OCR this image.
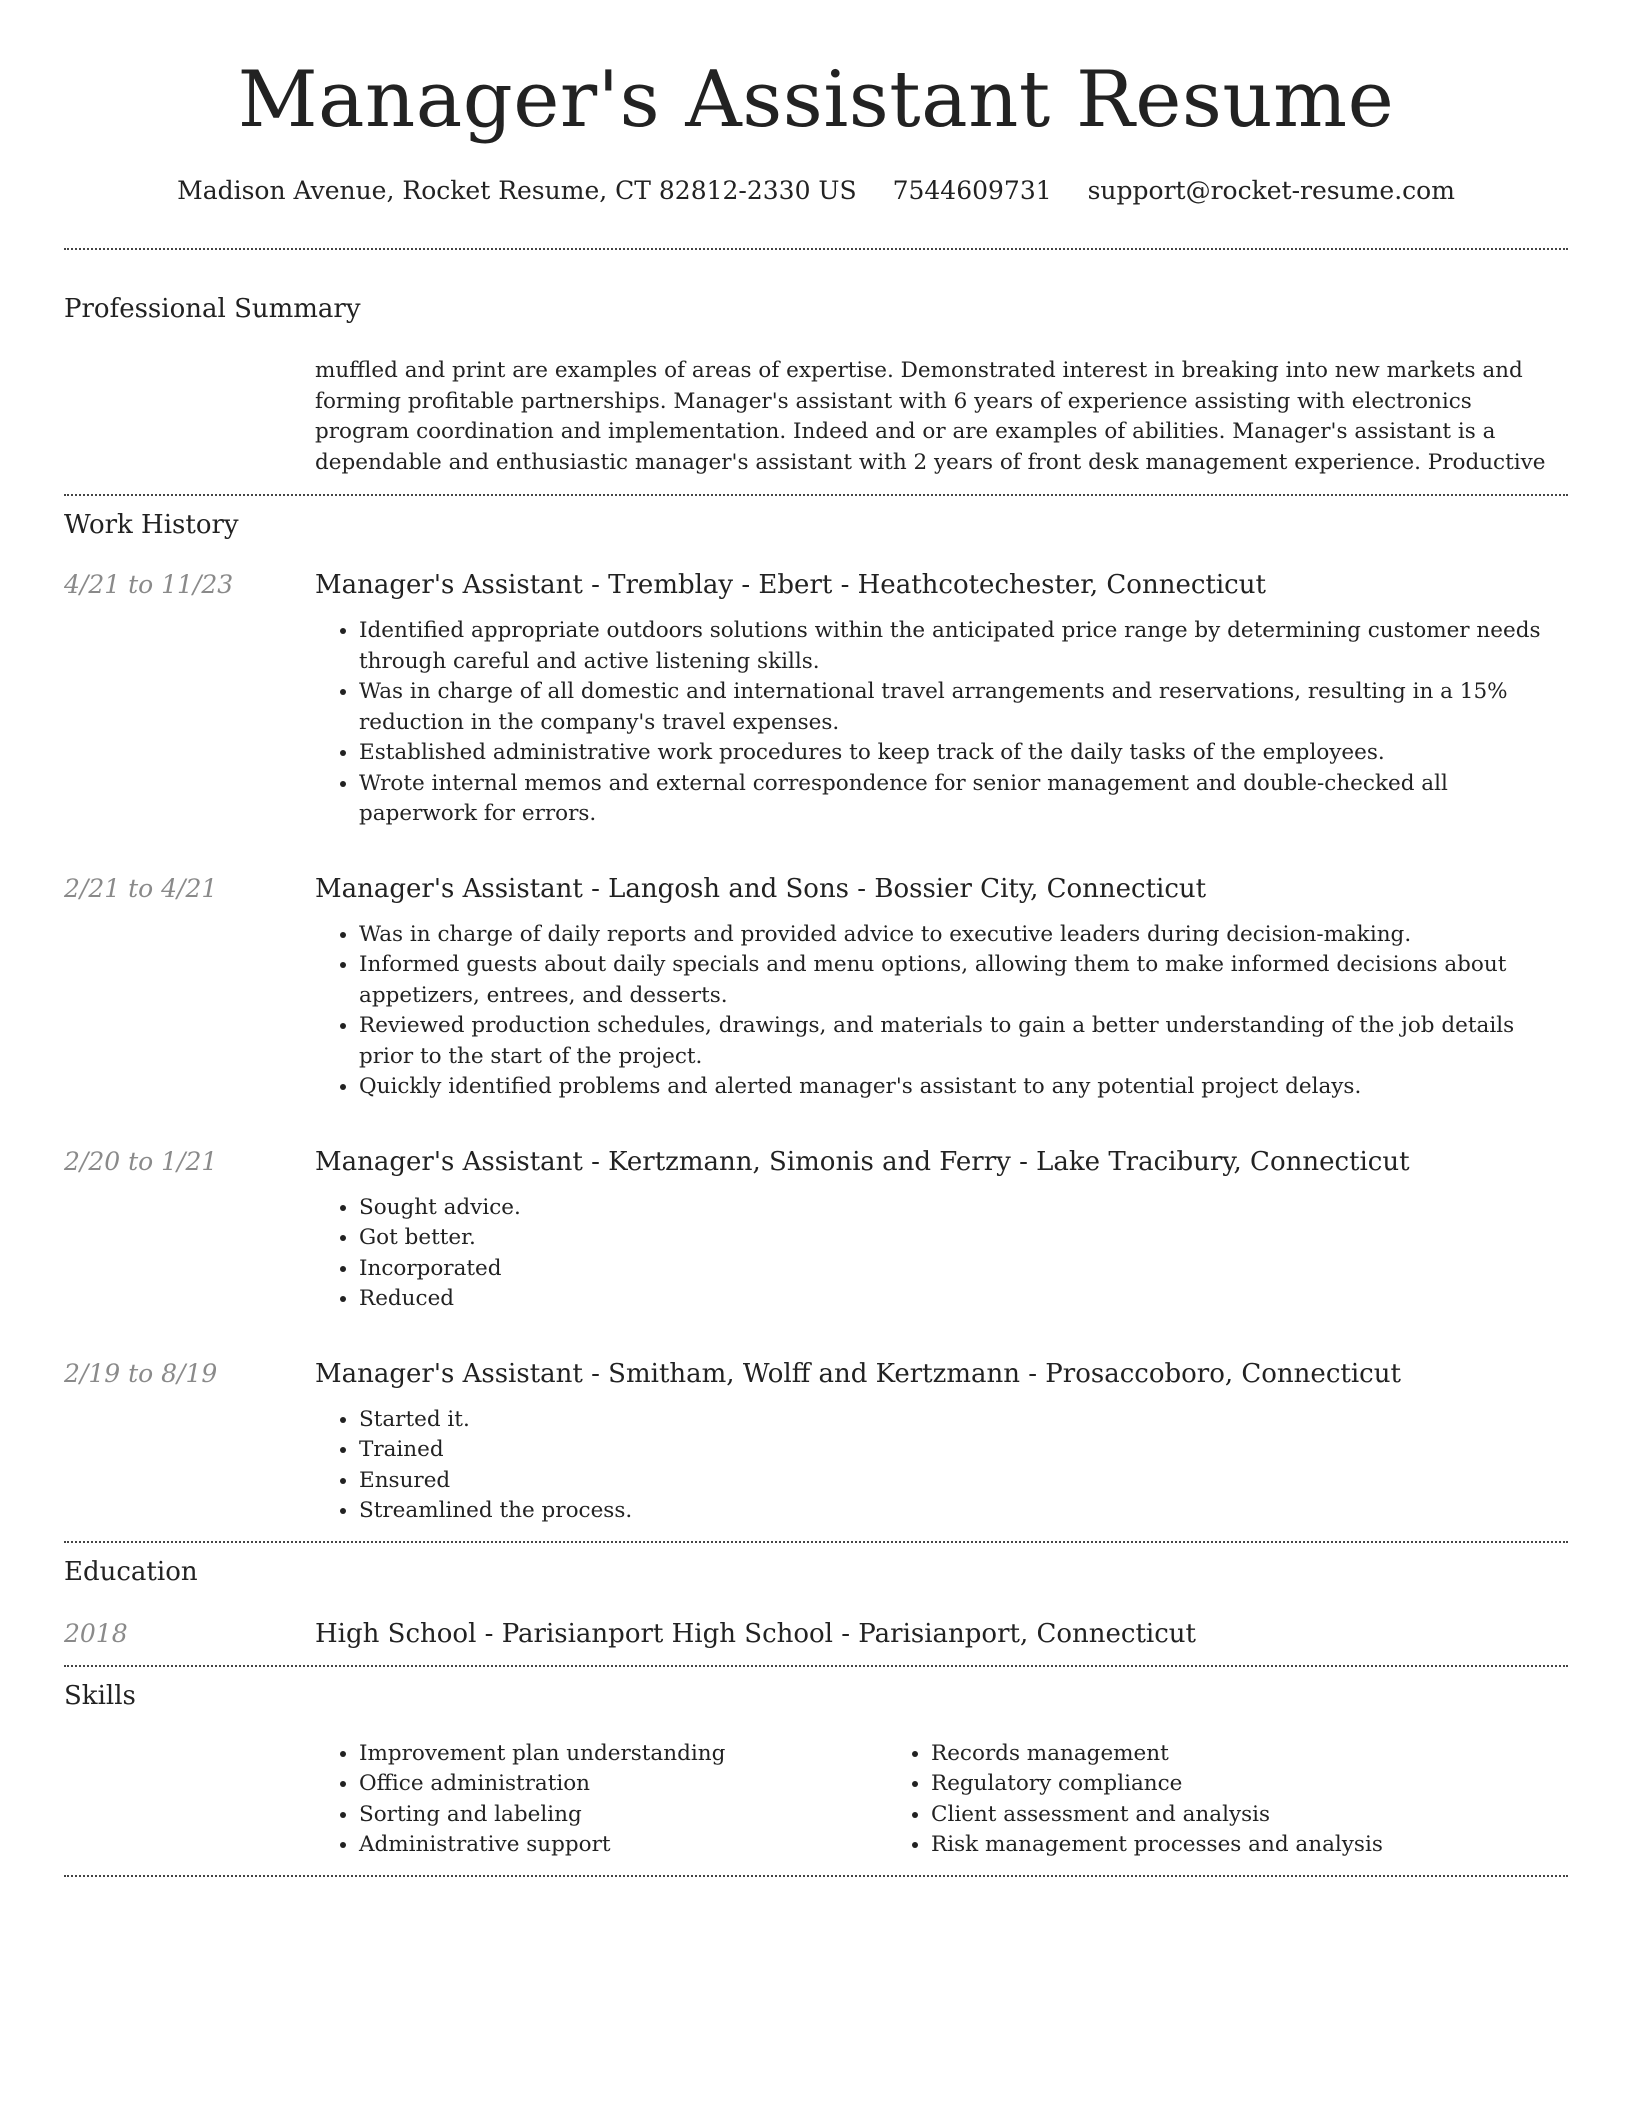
Manager's Assistant Resume
Madison Avenue, Rocket Resume, CT 82812-2330 US 7544609731 support@rocket-resume.com
Professional Summary
muffled and print are examples of areas of expertise. Demonstrated interest in breaking into new markets and forming profitable partnerships. Manager's assistant with 6 years of experience assisting with electronics program coordination and implementation. Indeed and or are examples of abilities. Manager's assistant is a dependable and enthusiastic manager's assistant with 2 years of front desk management experience. Productive
Work History
4/21 to 11/23	Manager's Assistant - Tremblay - Ebert - Heathcotechester, Connecticut
• Identified appropriate outdoors solutions within the anticipated price range by determining customer needs through careful and active listening skills.
• Was in charge of all domestic and international travel arrangements and reservations, resulting in a 15% reduction in the company's travel expenses.
• Established administrative work procedures to keep track of the daily tasks of the employees.
• Wrote internal memos and external correspondence for senior management and double-checked all paperwork for errors.
2/21 to 4/21	Manager's Assistant - Langosh and Sons - Bossier City, Connecticut
• Was in charge of daily reports and provided advice to executive leaders during decision-making.
• Informed guests about daily specials and menu options, allowing them to make informed decisions about appetizers, entrees, and desserts.
• Reviewed production schedules, drawings, and materials to gain a better understanding of the job details prior to the start of the project.
• Quickly identified problems and alerted manager's assistant to any potential project delays.
2/20 to 1/21	Manager's Assistant - Kertzmann, Simonis and Ferry - Lake Tracibury, Connecticut
• Sought advice.
• Got better.
• Incorporated
• Reduced
2/19 to 8/19	Manager's Assistant - Smitham, Wolff and Kertzmann - Prosaccoboro, Connecticut
• Started it.
• Trained
• Ensured
• Streamlined the process.
Education
2018	High School - Parisianport High School - Parisianport, Connecticut
Skills
• Improvement plan understanding
• Office administration
• Sorting and labeling
• Administrative support
• Records management
• Regulatory compliance
• Client assessment and analysis
• Risk management processes and analysis
